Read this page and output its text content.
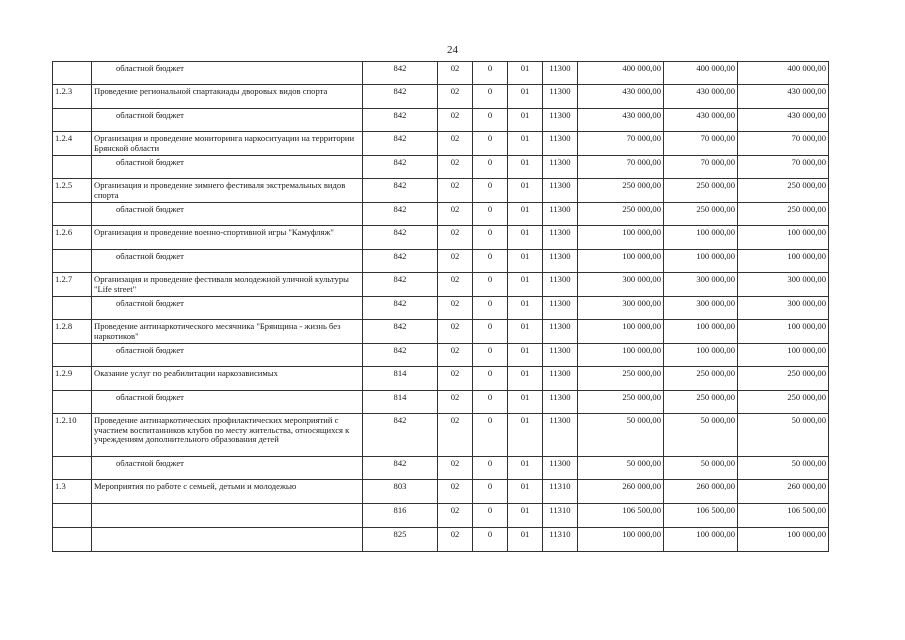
24
	областной бюджет	842	02	0	01	11300	400 000,00	400 000,00	400 000,00
1.2.3	Проведение региональной спартакиады дворовых видов спорта	842	02	0	01	11300	430 000,00	430 000,00	430 000,00
	областной бюджет	842	02	0	01	11300	430 000,00	430 000,00	430 000,00
1.2.4	Организация и проведение мониторинга наркоситуации на территории Брянской области	842	02	0	01	11300	70 000,00	70 000,00	70 000,00
	областной бюджет	842	02	0	01	11300	70 000,00	70 000,00	70 000,00
1.2.5	Организация и проведение зимнего фестиваля экстремальных видов спорта	842	02	0	01	11300	250 000,00	250 000,00	250 000,00
	областной бюджет	842	02	0	01	11300	250 000,00	250 000,00	250 000,00
1.2.6	Организация и проведение военно-спортивной игры "Камуфляж"	842	02	0	01	11300	100 000,00	100 000,00	100 000,00
	областной бюджет	842	02	0	01	11300	100 000,00	100 000,00	100 000,00
1.2.7	Организация и проведение фестиваля молодежной уличной культуры "Life street"	842	02	0	01	11300	300 000,00	300 000,00	300 000,00
	областной бюджет	842	02	0	01	11300	300 000,00	300 000,00	300 000,00
1.2.8	Проведение антинаркотического месячника "Брянщина - жизнь без наркотиков"	842	02	0	01	11300	100 000,00	100 000,00	100 000,00
	областной бюджет	842	02	0	01	11300	100 000,00	100 000,00	100 000,00
1.2.9	Оказание услуг по реабилитации наркозависимых	814	02	0	01	11300	250 000,00	250 000,00	250 000,00
	областной бюджет	814	02	0	01	11300	250 000,00	250 000,00	250 000,00
1.2.10	Проведение антинаркотических профилактических мероприятий с участием воспитанников клубов по месту жительства, относящихся к учреждениям дополнительного образования детей	842	02	0	01	11300	50 000,00	50 000,00	50 000,00
	областной бюджет	842	02	0	01	11300	50 000,00	50 000,00	50 000,00
1.3	Мероприятия по работе с семьей, детьми и молодежью	803	02	0	01	11310	260 000,00	260 000,00	260 000,00
		816	02	0	01	11310	106 500,00	106 500,00	106 500,00
		825	02	0	01	11310	100 000,00	100 000,00	100 000,00
